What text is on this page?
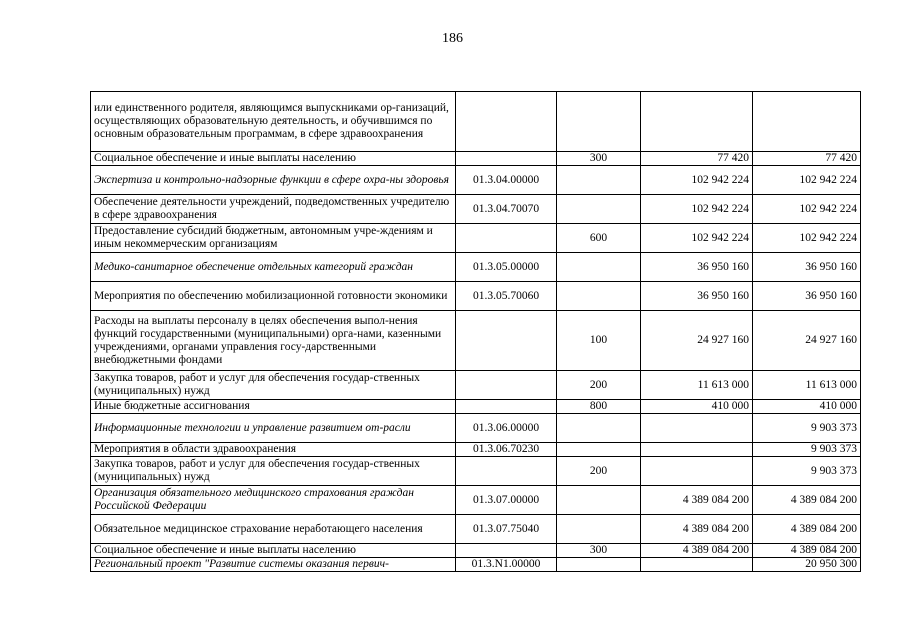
186
или единственного родителя, являющимся выпускниками ор-ганизаций, осуществляющих образовательную деятельность, и обучившимся по основным образовательным программам, в сфере здравоохранения				
Социальное обеспечение и иные выплаты населению		300	77 420	77 420
Экспертиза и контрольно-надзорные функции в сфере охра-ны здоровья	01.3.04.00000		102 942 224	102 942 224
Обеспечение деятельности учреждений, подведомственных учредителю в сфере здравоохранения	01.3.04.70070		102 942 224	102 942 224
Предоставление субсидий бюджетным, автономным учре-ждениям и иным некоммерческим организациям		600	102 942 224	102 942 224
Медико-санитарное обеспечение отдельных категорий граждан	01.3.05.00000		36 950 160	36 950 160
Мероприятия по обеспечению мобилизационной готовности экономики	01.3.05.70060		36 950 160	36 950 160
Расходы на выплаты персоналу в целях обеспечения выпол-нения функций государственными (муниципальными) орга-нами, казенными учреждениями, органами управления госу-дарственными внебюджетными фондами		100	24 927 160	24 927 160
Закупка товаров, работ и услуг для обеспечения государ-ственных (муниципальных) нужд		200	11 613 000	11 613 000
Иные бюджетные ассигнования		800	410 000	410 000
Информационные технологии и управление развитием от-расли	01.3.06.00000			9 903 373
Мероприятия в области здравоохранения	01.3.06.70230			9 903 373
Закупка товаров, работ и услуг для обеспечения государ-ственных (муниципальных) нужд		200		9 903 373
Организация обязательного медицинского страхования граждан Российской Федерации	01.3.07.00000		4 389 084 200	4 389 084 200
Обязательное медицинское страхование неработающего населения	01.3.07.75040		4 389 084 200	4 389 084 200
Социальное обеспечение и иные выплаты населению		300	4 389 084 200	4 389 084 200
Региональный проект "Развитие системы оказания первич-	01.3.N1.00000			20 950 300
